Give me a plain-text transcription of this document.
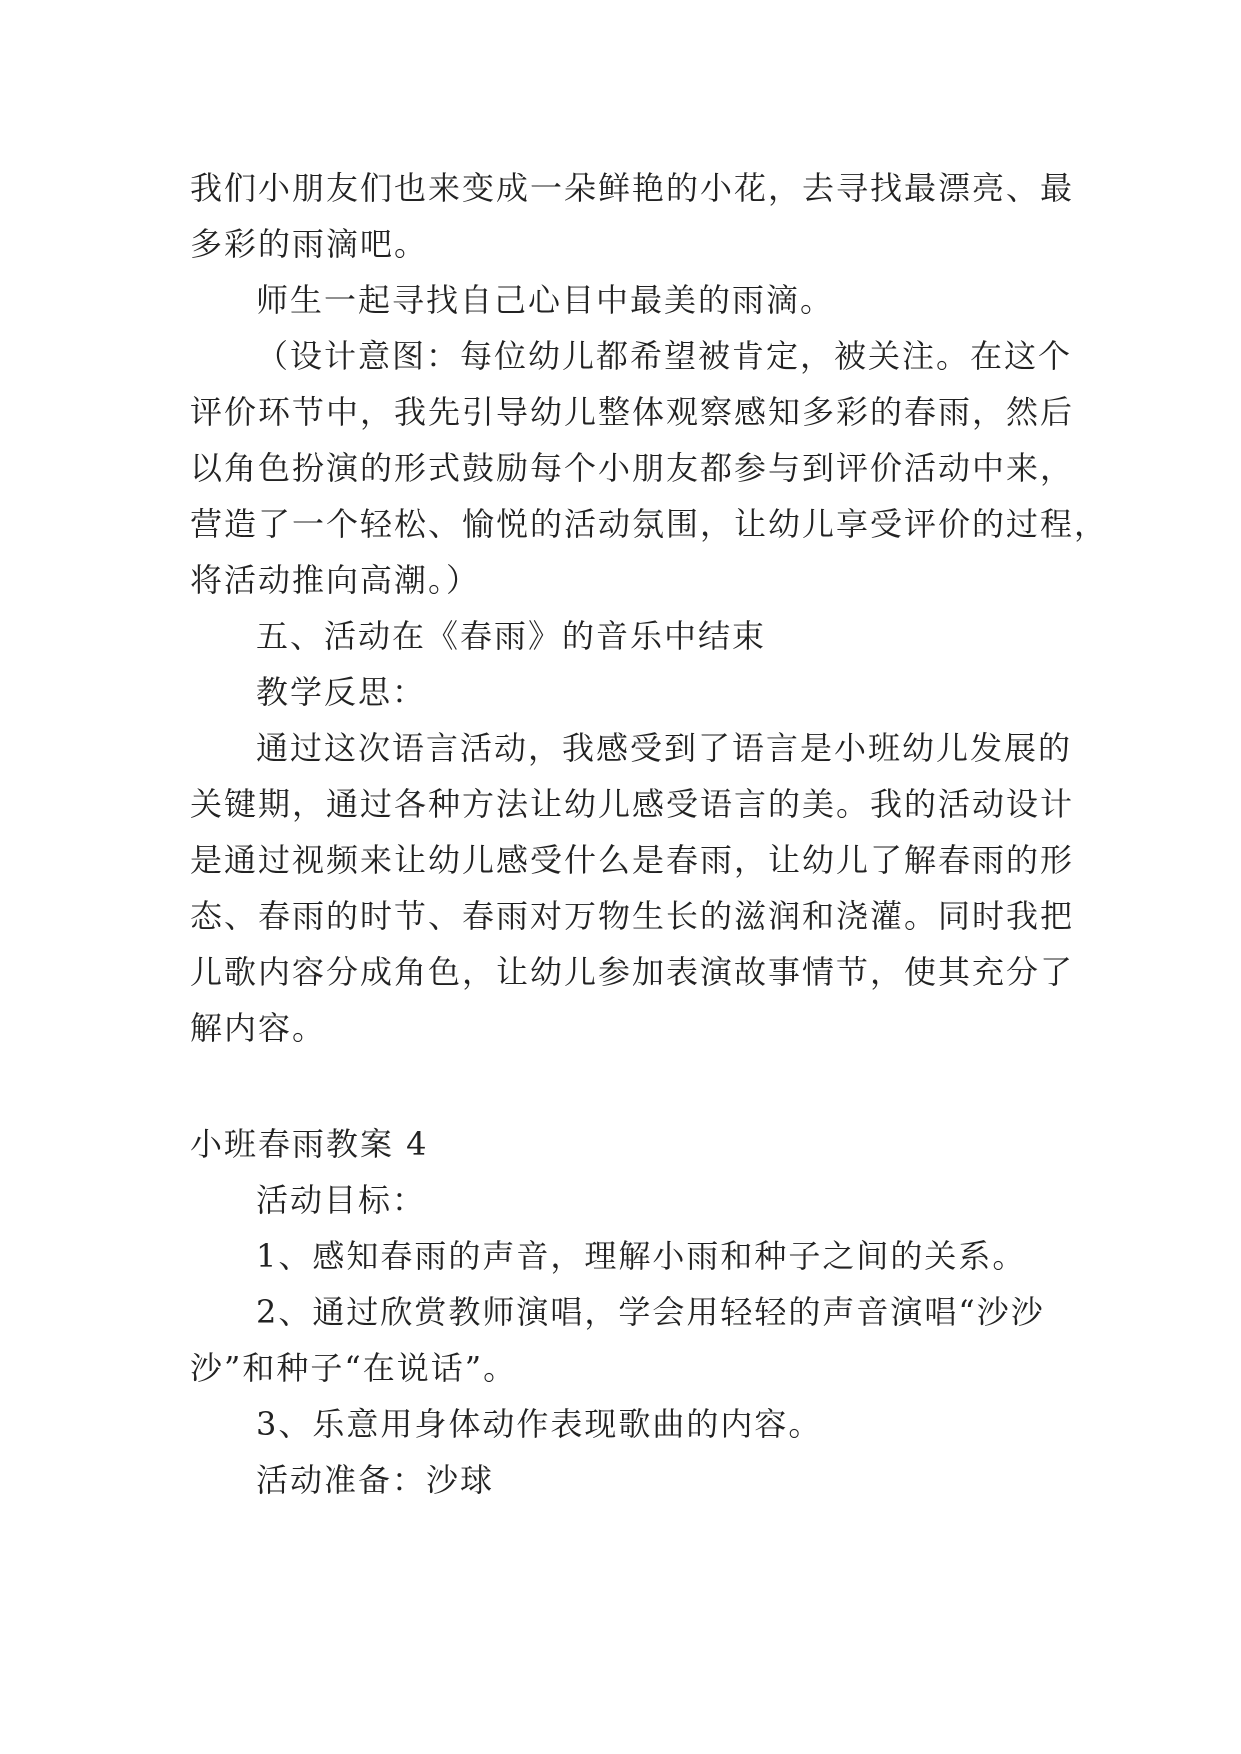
我们小朋友们也来变成一朵鲜艳的小花，去寻找最漂亮、最
多彩的雨滴吧。
师生一起寻找自己心目中最美的雨滴。
（设计意图：每位幼儿都希望被肯定，被关注。在这个
评价环节中，我先引导幼儿整体观察感知多彩的春雨，然后
以角色扮演的形式鼓励每个小朋友都参与到评价活动中来，
营造了一个轻松、愉悦的活动氛围，让幼儿享受评价的过程，
将活动推向高潮。）
五、活动在《春雨》的音乐中结束
教学反思：
通过这次语言活动，我感受到了语言是小班幼儿发展的
关键期，通过各种方法让幼儿感受语言的美。我的活动设计
是通过视频来让幼儿感受什么是春雨，让幼儿了解春雨的形
态、春雨的时节、春雨对万物生长的滋润和浇灌。同时我把
儿歌内容分成角色，让幼儿参加表演故事情节，使其充分了
解内容。
小班春雨教案 4
活动目标：
1、感知春雨的声音，理解小雨和种子之间的关系。
2、通过欣赏教师演唱，学会用轻轻的声音演唱“沙沙
沙”和种子“在说话”。
3、乐意用身体动作表现歌曲的内容。
活动准备：沙球
